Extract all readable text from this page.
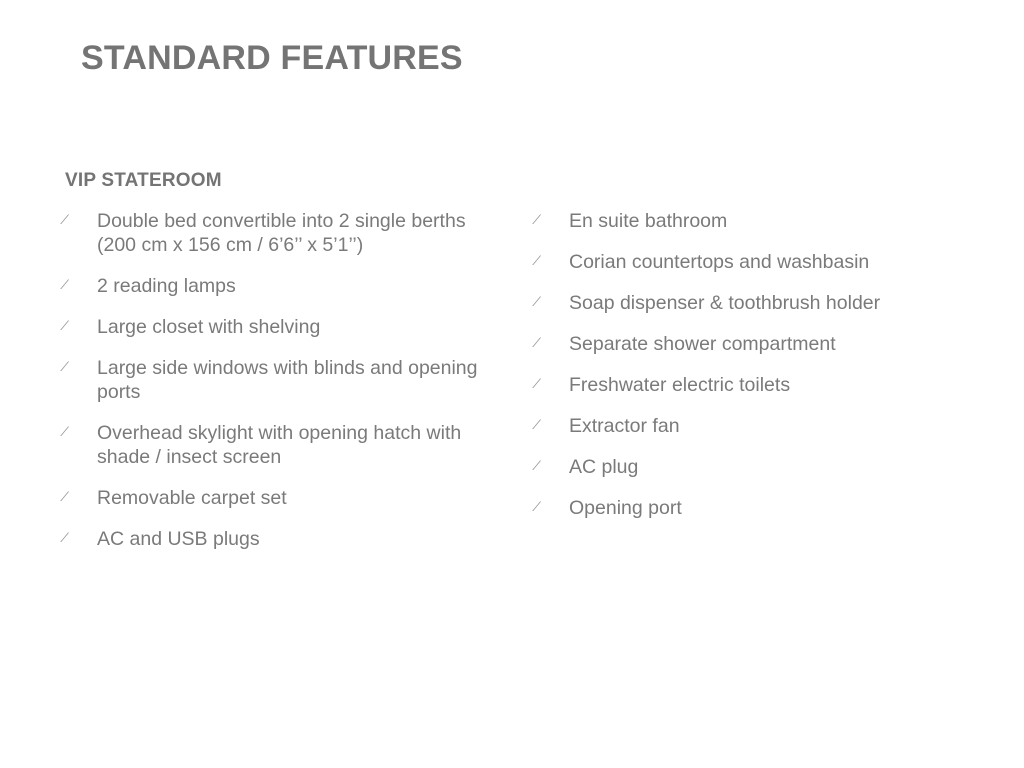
STANDARD FEATURES
VIP STATEROOM
⁄ Double bed convertible into 2 single berths (200 cm x 156 cm / 6’6’’ x 5’1’’)
⁄ 2 reading lamps
⁄ Large closet with shelving
⁄ Large side windows with blinds and opening ports
⁄ Overhead skylight with opening hatch with shade / insect screen
⁄ Removable carpet set
⁄ AC and USB plugs
⁄ En suite bathroom
⁄ Corian countertops and washbasin
⁄ Soap dispenser & toothbrush holder
⁄ Separate shower compartment
⁄ Freshwater electric toilets
⁄ Extractor fan
⁄ AC plug
⁄ Opening port
